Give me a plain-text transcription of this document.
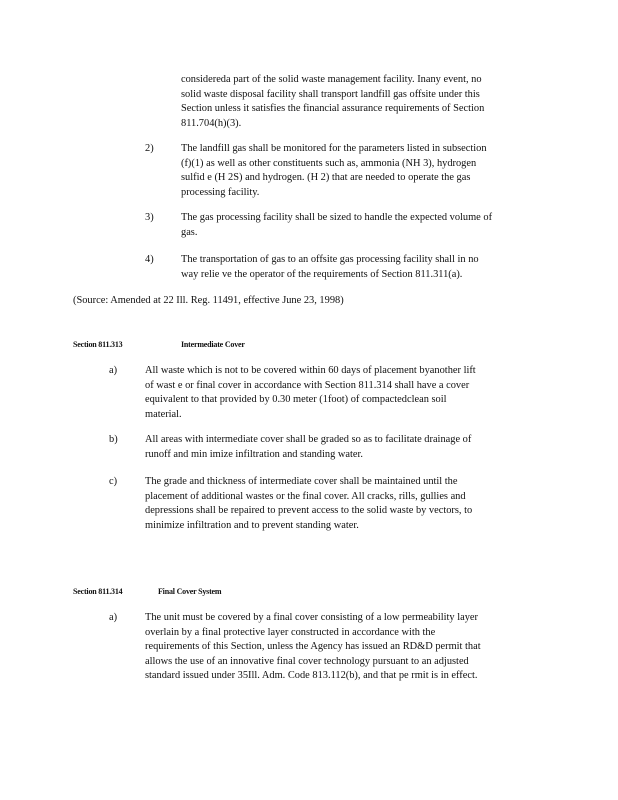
considereda part of the solid waste management facility. Inany event, no
solid waste disposal facility shall transport landfill gas offsite under this
Section unless it satisfies the financial assurance requirements of Section
811.704(h)(3).
2)	The landfill gas shall be monitored for the parameters listed in subsection
(f)(1) as well as other constituents such as, ammonia (NH 3), hydrogen
sulfid e (H 2S) and hydrogen. (H 2) that are needed to operate the gas
processing facility.
3)	The gas processing facility shall be sized to handle the expected volume of
gas.
4)	The transportation of gas to an offsite gas processing facility shall in no
way relie ve the operator of the requirements of Section 811.311(a).
(Source: Amended at 22 Ill. Reg. 11491, effective June 23, 1998)
Section 811.313	Intermediate Cover
a)	All waste which is not to be covered within 60 days of placement byanother lift
of wast e or final cover in accordance with Section 811.314 shall have a cover
equivalent to that provided by 0.30 meter (1foot) of compactedclean soil
material.
b)	All areas with intermediate cover shall be graded so as to facilitate drainage of
runoff and min imize infiltration and standing water.
c)	The grade and thickness of intermediate cover shall be maintained until the
placement of additional wastes or the final cover. All cracks, rills, gullies and
depressions shall be repaired to prevent access to the solid waste by vectors, to
minimize infiltration and to prevent standing water.
Section 811.314	Final Cover System
a)	The unit must be covered by a final cover consisting of a low permeability layer
overlain by a final protective layer constructed in accordance with the
requirements of this Section, unless the Agency has issued an RD&D permit that
allows the use of an innovative final cover technology pursuant to an adjusted
standard issued under 35Ill. Adm. Code 813.112(b), and that pe rmit is in effect.
